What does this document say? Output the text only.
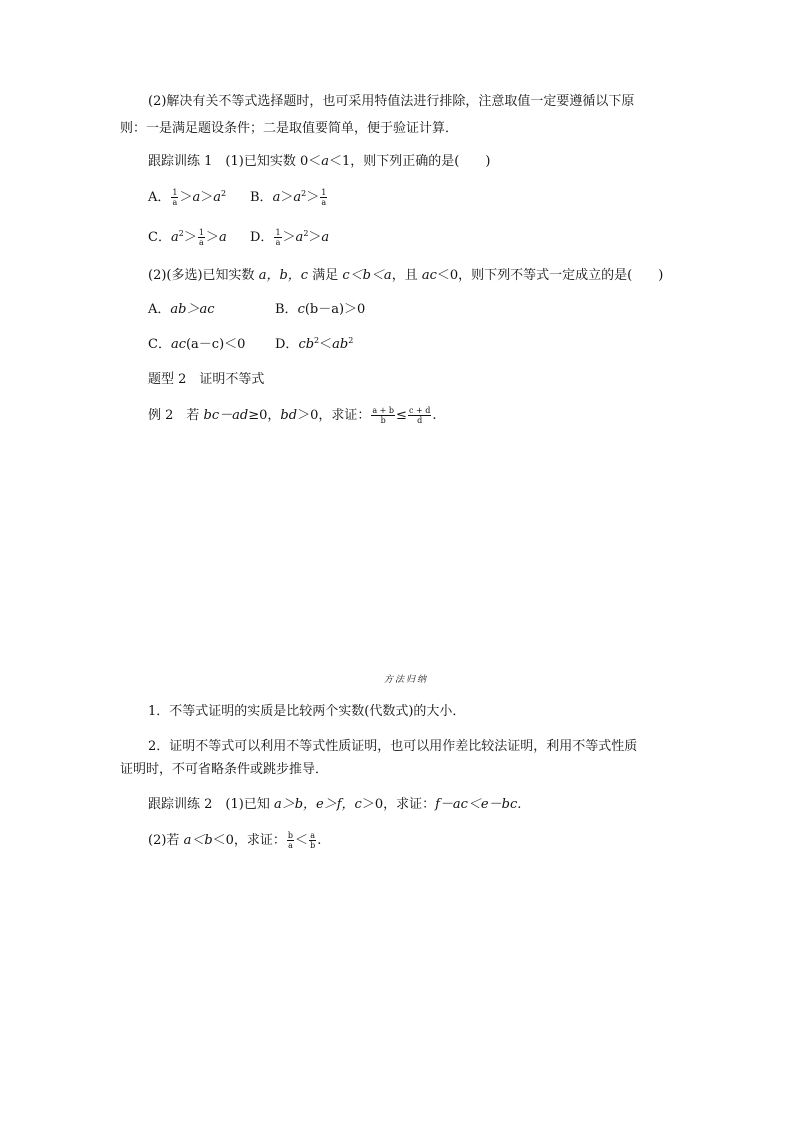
(2)解决有关不等式选择题时，也可采用特值法进行排除，注意取值一定要遵循以下原
则：一是满足题设条件；二是取值要简单，便于验证计算．
跟踪训练 1　(1)已知实数 0＜a＜1，则下列正确的是(　　)
A． $\frac{1}{a} >a>a^2$ B．$a>a^2> \frac{1}{a}$
C．$a^2> \frac{1}{a} >a$ D． $\frac{1}{a} >a^2>a$
(2)(多选)已知实数 a，b，c 满足 c＜b＜a，且 ac＜0，则下列不等式一定成立的是(　　)
A．ab＞ac	B．c(b－a)＞0
C．ac(a－c)＜0 D．$cb^2<ab^2$
题型 2　证明不等式
例 2　若 bc－ad≥0，bd＞0，求证： $\frac{a + b}{b} \le \frac{c + d}{d}$ .
方法归纳
1．不等式证明的实质是比较两个实数(代数式)的大小．
2．证明不等式可以利用不等式性质证明，也可以用作差比较法证明，利用不等式性质
证明时，不可省略条件或跳步推导．
跟踪训练 2　(1)已知 a＞b，e＞f，c＞0，求证：f－ac＜e－bc.
(2)若 a＜b＜0，求证： $\frac{b}{a} < \frac{a}{b}$ .
